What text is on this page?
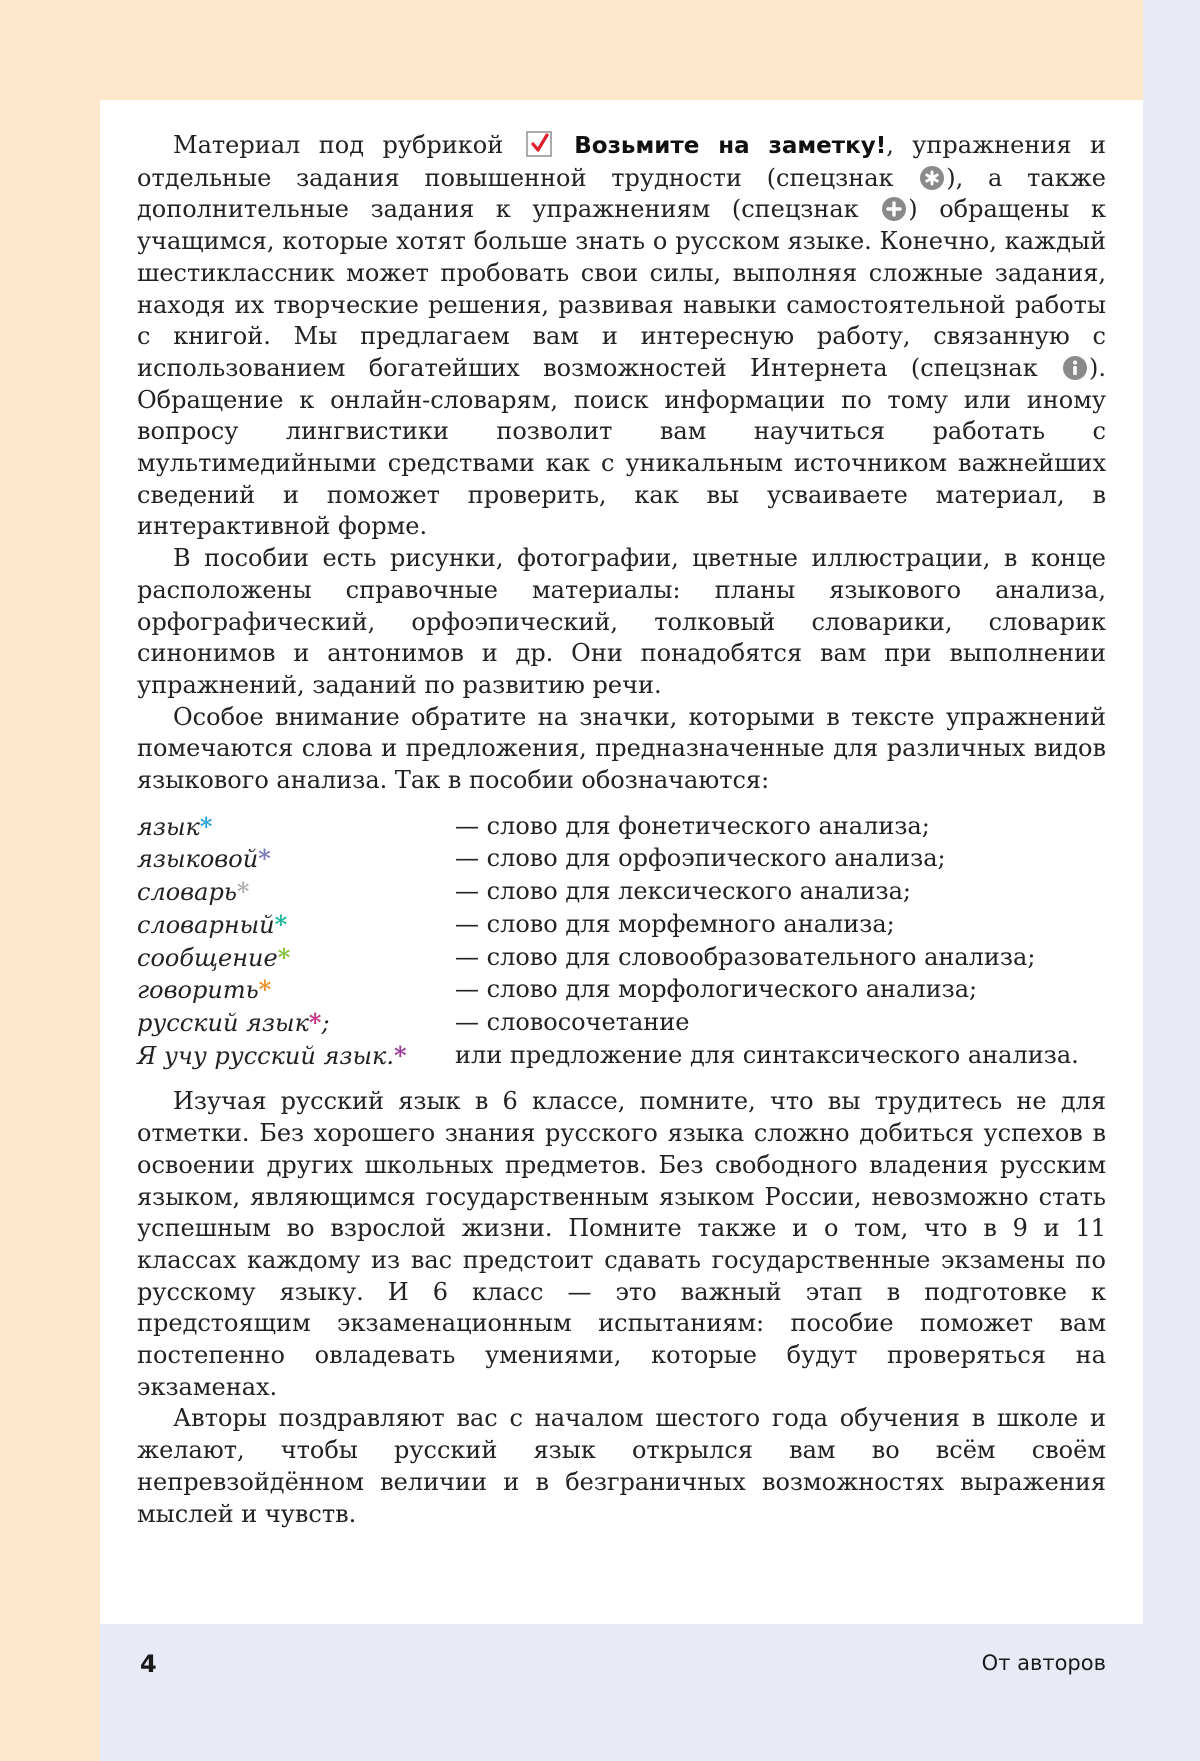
Материал под рубрикой	Возьмите на заметку!, упражнения и отдельные задания повышенной трудности (спецзнак ), а также дополнительные задания к упражнениям (спецзнак ) обращены к учащимся, которые хотят больше знать о русском языке. Конечно, каждый шестиклассник может пробовать свои силы, выполняя сложные задания, находя их творческие решения, развивая навыки самостоятельной работы с книгой. Мы предлагаем вам и интересную работу, связанную с использованием богатейших возможностей Интернета (спецзнак ). Обращение к онлайн-словарям, поиск информации по тому или иному вопросу лингвистики позволит вам научиться работать с мультимедийными средствами как с уникальным источником важнейших сведений и поможет проверить, как вы усваиваете материал, в интерактивной форме.

В пособии есть рисунки, фотографии, цветные иллюстрации, в конце расположены справочные материалы: планы языкового анализа, орфографический, орфоэпический, толковый словарики, словарик синонимов и антонимов и др. Они понадобятся вам при выполнении упражнений, заданий по развитию речи.

Особое внимание обратите на значки, которыми в тексте упражнений помечаются слова и предложения, предназначенные для различных видов языкового анализа. Так в пособии обозначаются:

язык*	— слово для фонетического анализа;
языковой*	— слово для орфоэпического анализа;
словарь*	— слово для лексического анализа;
словарный*	— слово для морфемного анализа;
сообщение*	— слово для словообразовательного анализа;
говорить*	— слово для морфологического анализа;
русский язык*;	— словосочетание
Я учу русский язык.*	или предложение для синтаксического анализа.

Изучая русский язык в 6 классе, помните, что вы трудитесь не для отметки. Без хорошего знания русского языка сложно добиться успехов в освоении других школьных предметов. Без свободного владения русским языком, являющимся государственным языком России, невозможно стать успешным во взрослой жизни. Помните также и о том, что в 9 и 11 классах каждому из вас предстоит сдавать государственные экзамены по русскому языку. И 6 класс — это важный этап в подготовке к предстоящим экзаменационным испытаниям: пособие поможет вам постепенно овладевать умениями, которые будут проверяться на экзаменах.

Авторы поздравляют вас с началом шестого года обучения в школе и желают, чтобы русский язык открылся вам во всём своём непревзойдённом величии и в безграничных возможностях выражения мыслей и чувств.

4	От авторов
